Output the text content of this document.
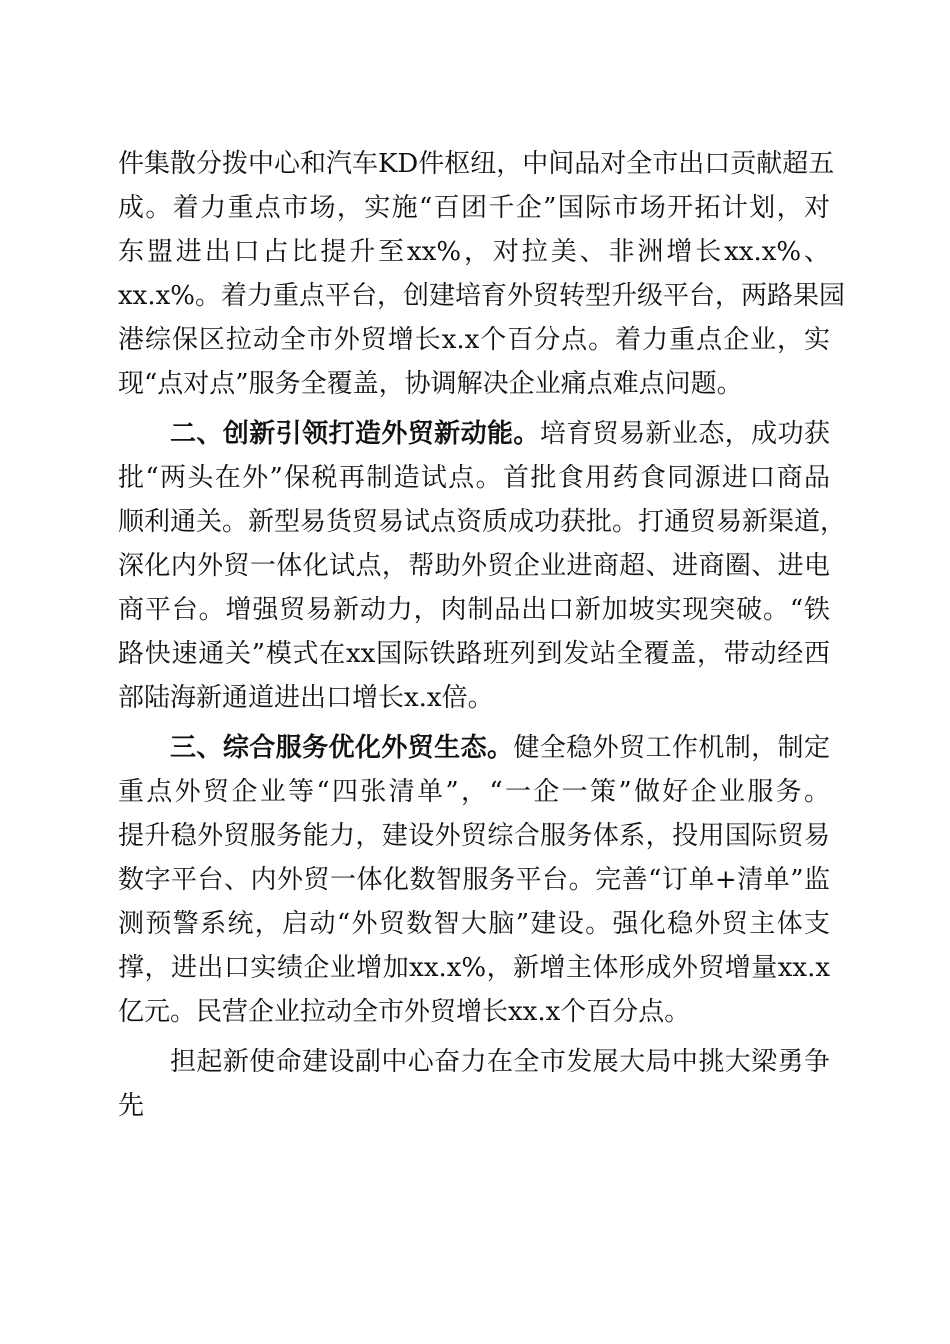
件集散分拨中心和汽车KD件枢纽，中间品对全市出口贡献超五
成。着力重点市场，实施“百团千企”国际市场开拓计划，对
东盟进出口占比提升至xx%，对拉美、非洲增长xx.x%、
xx.x%。着力重点平台，创建培育外贸转型升级平台，两路果园
港综保区拉动全市外贸增长x.x个百分点。着力重点企业，实
现“点对点”服务全覆盖，协调解决企业痛点难点问题。
二、创新引领打造外贸新动能。培育贸易新业态，成功获
批“两头在外”保税再制造试点。首批食用药食同源进口商品
顺利通关。新型易货贸易试点资质成功获批。打通贸易新渠道，
深化内外贸一体化试点，帮助外贸企业进商超、进商圈、进电
商平台。增强贸易新动力，肉制品出口新加坡实现突破。“铁
路快速通关”模式在xx国际铁路班列到发站全覆盖，带动经西
部陆海新通道进出口增长x.x倍。
三、综合服务优化外贸生态。健全稳外贸工作机制，制定
重点外贸企业等“四张清单”，“一企一策”做好企业服务。
提升稳外贸服务能力，建设外贸综合服务体系，投用国际贸易
数字平台、内外贸一体化数智服务平台。完善“订单+清单”监
测预警系统，启动“外贸数智大脑”建设。强化稳外贸主体支
撑，进出口实绩企业增加xx.x%，新增主体形成外贸增量xx.x
亿元。民营企业拉动全市外贸增长xx.x个百分点。
担起新使命建设副中心奋力在全市发展大局中挑大梁勇争
先
